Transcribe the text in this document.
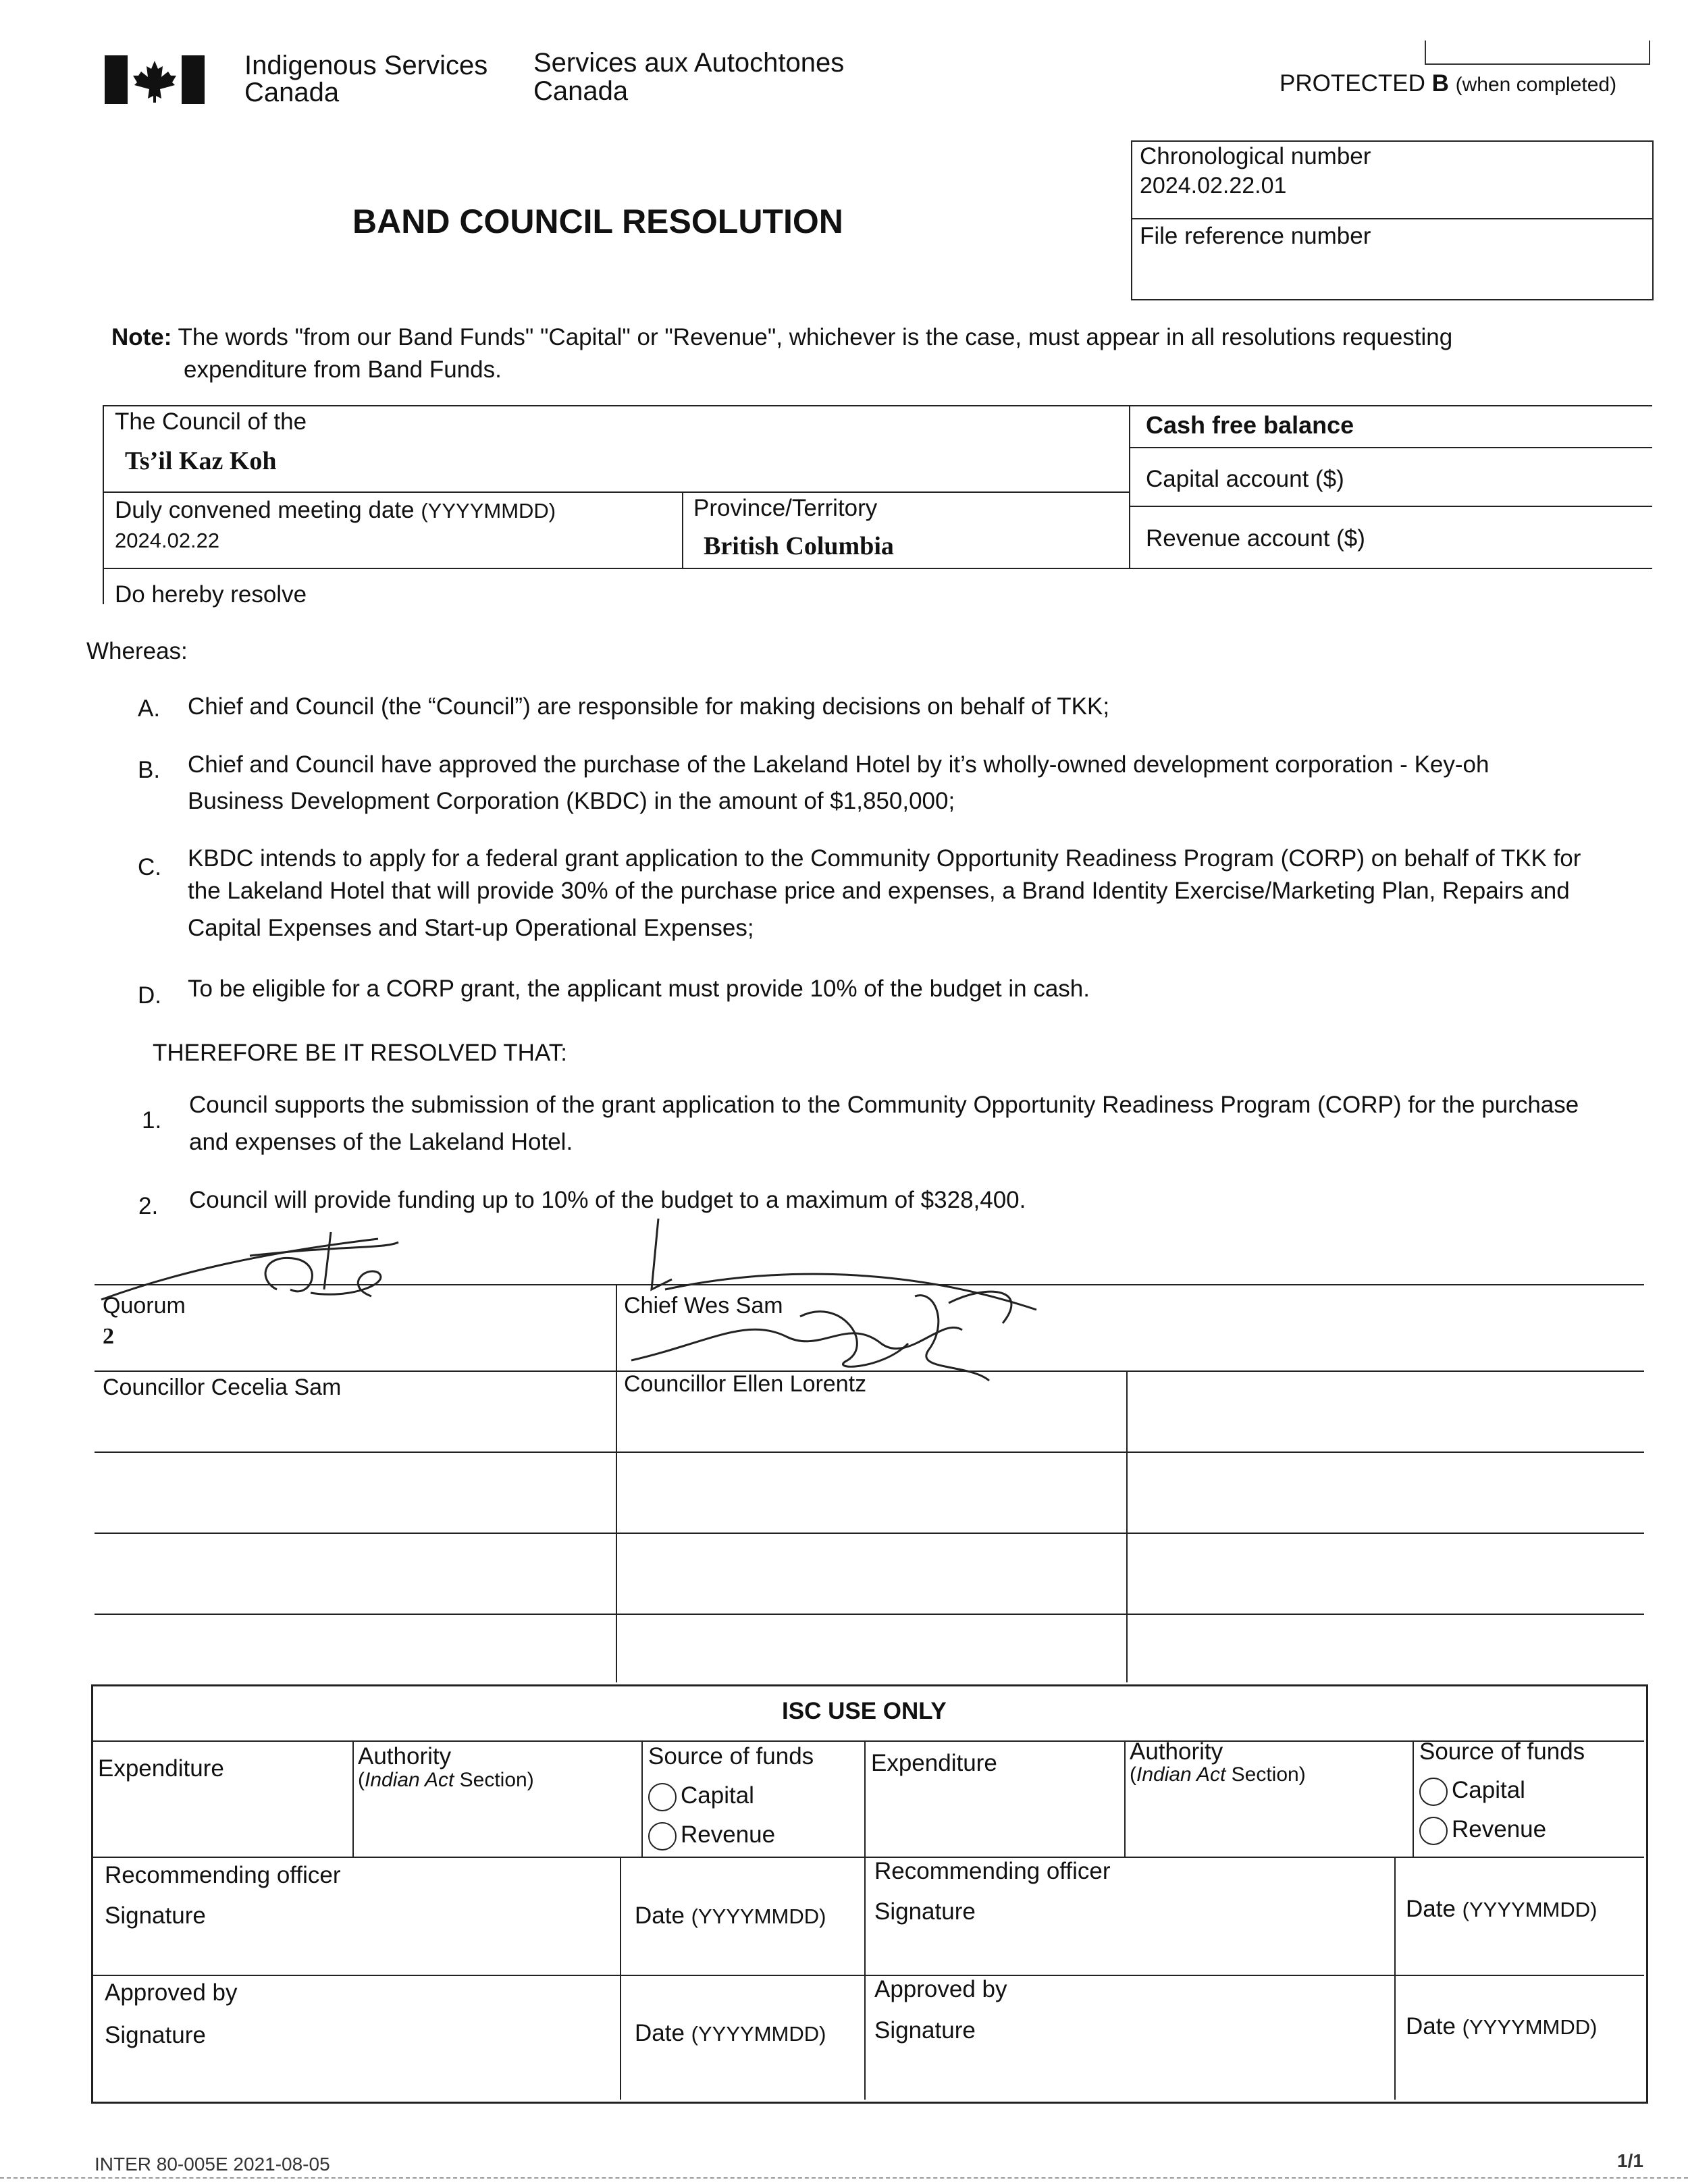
Indigenous Services
Canada
Services aux Autochtones
Canada	PROTECTED B (when completed)
BAND COUNCIL RESOLUTION
Chronological number
2024.02.22.01
File reference number
Note: The words "from our Band Funds" "Capital" or "Revenue", whichever is the case, must appear in all resolutions requesting
expenditure from Band Funds.
The Council of the
Ts’il Kaz Koh
Duly convened meeting date (YYYYMMDD)
2024.02.22
Province/Territory
British Columbia
Cash free balance
Capital account ($)
Revenue account ($)
Do hereby resolve
Whereas:
A. Chief and Council (the “Council”) are responsible for making decisions on behalf of TKK;
B. Chief and Council have approved the purchase of the Lakeland Hotel by it’s wholly-owned development corporation - Key-oh
Business Development Corporation (KBDC) in the amount of $1,850,000;
C. KBDC intends to apply for a federal grant application to the Community Opportunity Readiness Program (CORP) on behalf of TKK for
the Lakeland Hotel that will provide 30% of the purchase price and expenses, a Brand Identity Exercise/Marketing Plan, Repairs and
Capital Expenses and Start-up Operational Expenses;
D. To be eligible for a CORP grant, the applicant must provide 10% of the budget in cash.
THEREFORE BE IT RESOLVED THAT:
1.
Council supports the submission of the grant application to the Community Opportunity Readiness Program (CORP) for the purchase
and expenses of the Lakeland Hotel.
2. Council will provide funding up to 10% of the budget to a maximum of $328,400.
Quorum
2
Chief Wes Sam
Councillor Cecelia Sam	Councillor Ellen Lorentz
ISC USE ONLY
Expenditure	Authority
(Indian Act Section)
Source of funds
Capital
Revenue
Expenditure	Authority
(Indian Act Section)
Source of funds
Capital
Revenue
Recommending officer
Signature	Date (YYYYMMDD)
Recommending officer
Signature	Date (YYYYMMDD)
Approved by
Signature	Date (YYYYMMDD)
Approved by
Signature	Date (YYYYMMDD)
INTER 80-005E 2021-08-05	1/1
